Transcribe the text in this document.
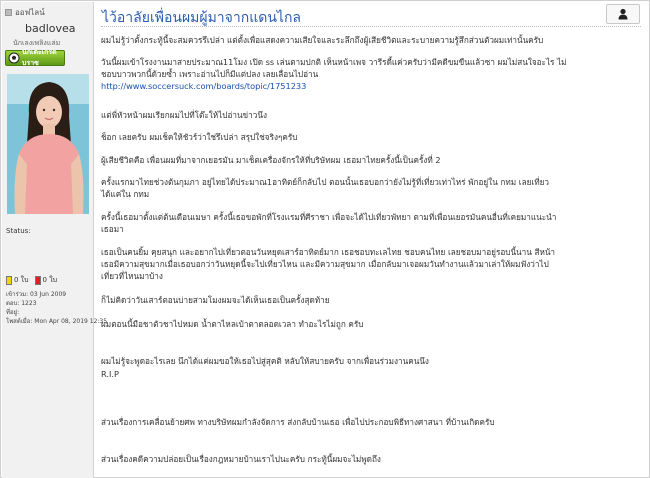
ออฟไลน์
badlovea
นักเลงเพลิงแล่ม
นักเตะเกรดบราซ
Status:
0 ใบ 0 ใบ
เข้าร่วม: 03 Jun 2009
ตอบ: 1223
ที่อยู่:
โพสต์เมื่อ: Mon Apr 08, 2019 12:35
ไว้อาลัยเพื่อนผมผู้มาจากแดนไกล
ผมไม่รู้ว่าตั้งกระทู้นี้จะสมควรรึเปล่า แต่ตั้งเพื่อแสดงความเสียใจและระลึกถึงผู้เสียชีวิตและระบายความรู้สึกส่วนตัวผมเท่านั้นครับ
วันนี้ผมเข้าโรงงานมาสายประมาณ11โมง เปิด ss เล่นตามปกติ เห็นหน้าเพจ วารีรดี้แค่วครับว่ามีคดีขมขืนแล้วซา ผมไม่สนใจอะไร ไม่
ชอบบาวพวกนี้ด้วยซ้ำ เพราะอ่านไปก็มีแต่ปลง เลยเลื่อนไปอ่าน
http://www.soccersuck.com/boards/topic/1751233
แต่พี่หัวหน้าผมเรียกผมไปที่โต๊ะให้ไปอ่านข่าวนึง
ช็อก เลยครับ ผมเช็คให้ชัวร์ว่าใช่รึเปล่า สรุปใช่จริงๆครับ
ผู้เสียชีวิตคือ เพื่อนผมที่มาจากเยอรมัน มาเช็ตเครื่องจักรให้ที่บริษัทผม เธอมาไทยครั้งนี้เป็นครั้งที่ 2
ครั้งแรกมาไทยช่วงต้นกุมภา อยู่ไทยได้ประมาณ1อาทิตย์ก็กลับไป ตอนนั้นเธอบอกว่ายังไม่รู้ที่เที่ยวเท่าไหร่ พักอยู่ใน กทม เลยเที่ยว
ได้แค่ใน กทม
ครั้งนี้เธอมาตั้งแต่ต้นเดือนเมษา ครั้งนี้เธอขอพักที่โรงแรมที่ศีราชา เพื่อจะได้ไปเที่ยวพัทยา ตามที่เพื่อนเยอรมันคนอื่นที่เคยมาแนะนำ
เธอมา
เธอเป็นคนยิ้ม คุยสนุก และอยากไปเที่ยวตอนวันหยุดเสาร์อาทิตย์มาก เธอชอบทะเลไทย ชอบคนไทย เลยชอบมาอยู่รอบนี้นาน สีหน้า
เธอมีความสุขมากเมื่อเธอบอกว่าวันหยุดนี้จะไปเที่ยวไหน และมีความสุขมาก เมื่อกลับมาเจอผมวันทำงานแล้วมาเล่าให้ผมฟังว่าไป
เที่ยวที่ไหนมาบ้าง
ก็ไม่คิดว่าวันเสาร์ตอนบ่ายสามโมงผมจะได้เห็นเธอเป็นครั้งสุดท้าย
ผมตอนนี้มือชาตัวชาไปหมด น้ำตาไหลเบ้าตาตลอดเวลา ทำอะไรไม่ถูก ครับ
ผมไม่รู้จะพูดอะไรเลย นึกได้แค่ผมขอให้เธอไปสู่สุคติ หลับให้สบายครับ จากเพื่อนร่วมงานคนนึง
R.I.P
ส่วนเรื่องการเคลื่อนย้ายศพ ทางบริษัทผมกำลังจัดการ ส่งกลับบ้านเธอ เพื่อไปประกอบพิธีทางศาสนา ที่บ้านเกิดครับ
ส่วนเรื่องคดีความปล่อยเป็นเรื่องกฎหมายบ้านเราไปนะครับ กระทู้นี้ผมจะไม่พูดถึง
